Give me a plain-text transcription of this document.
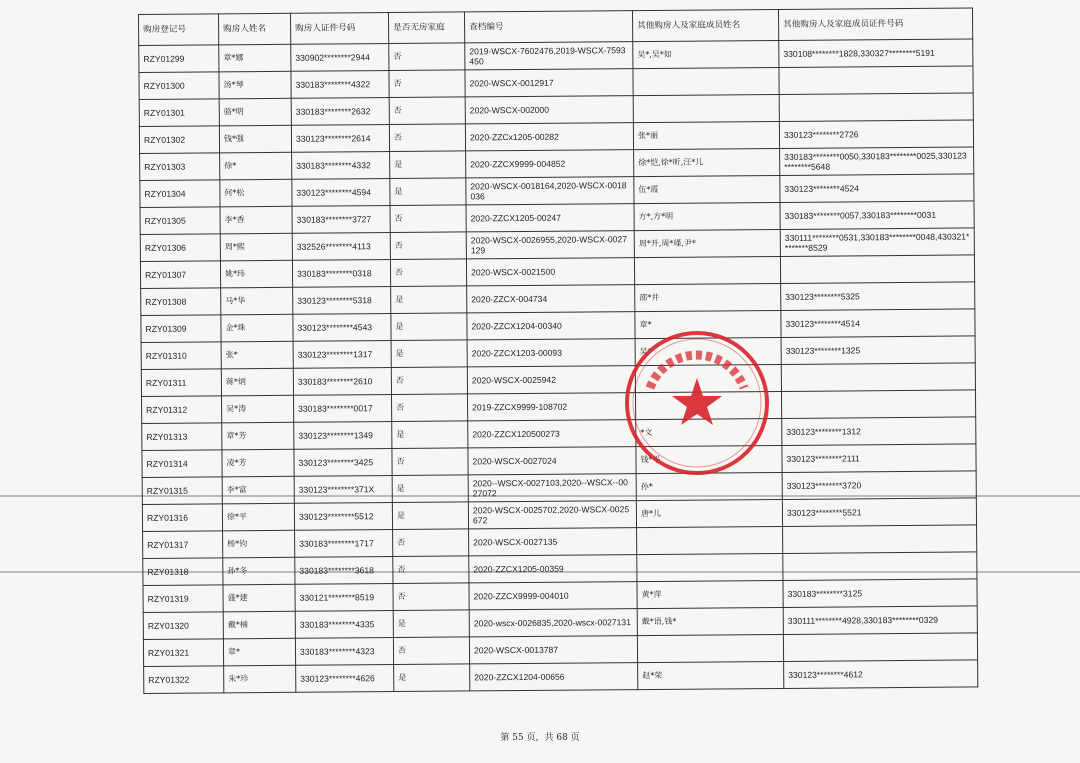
购房登记号	购房人姓名	购房人证件号码	是否无房家庭	查档编号	其他购房人及家庭成员姓名	其他购房人及家庭成员证件号码
RZY01299	章*娜	330902********2944	否	2019-WSCX-7602476,2019-WSCX-7593450	吴*,吴*如	330108********1828,330327********5191
RZY01300	汤*琴	330183********4322	否	2020-WSCX-0012917		
RZY01301	骆*明	330183********2632	否	2020-WSCX-002000		
RZY01302	钱*强	330123********2614	否	2020-ZZCx1205-00282	张*丽	330123********2726
RZY01303	徐*	330183********4332	是	2020-ZZCX9999-004852	徐*恺,徐*昕,汪*儿	330183********0050,330183********0025,330123********5648
RZY01304	何*松	330123********4594	是	2020-WSCX-0018164,2020-WSCX-0018036	伍*霞	330123********4524
RZY01305	李*香	330183********3727	否	2020-ZZCX1205-00247	方*,方*明	330183********0057,330183********0031
RZY01306	周*熙	332526********4113	否	2020-WSCX-0026955,2020-WSCX-0027129	周*开,周*瑾,尹*	330111********0531,330183********0048,430321********8529
RZY01307	姚*玮	330183********0318	否	2020-WSCX-0021500		
RZY01308	马*华	330123********5318	是	2020-ZZCX-004734	邵*井	330123********5325
RZY01309	金*珠	330123********4543	是	2020-ZZCX1204-00340	章*	330123********4514
RZY01310	张*	330123********1317	是	2020-ZZCX1203-00093	吴*	330123********1325
RZY01311	蒋*炳	330183********2610	否	2020-WSCX-0025942		
RZY01312	吴*涛	330183********0017	否	2019-ZZCX9999-108702		
RZY01313	章*芳	330123********1349	是	2020-ZZCX120500273	*文	330123********1312
RZY01314	凌*芳	330123********3425	否	2020-WSCX-0027024	钱*平	330123********2111
RZY01315	李*富	330123********371X	是	2020--WSCX-0027103,2020--WSCX--0027072	孙*	330123********3720
RZY01316	徐*平	330123********5512	是	2020-WSCX-0025702,2020-WSCX-0025672	唐*儿	330123********5521
RZY01317	杨*钧	330183********1717	否	2020-WSCX-0027135		
RZY01318	孙*冬	330183********3618	否	2020-ZZCX1205-00359		
RZY01319	盛*建	330121********8519	否	2020-ZZCX9999-004010	黄*萍	330183********3125
RZY01320	戴*楠	330183********4335	是	2020-wscx-0026835,2020-wscx-0027131	戴*语,钱*	330111********4928,330183********0329
RZY01321	章*	330183********4323	否	2020-WSCX-0013787		
RZY01322	朱*珍	330123********4626	是	2020-ZZCX1204-00656	赵*荣	330123********4612
第 55 页，共 68 页
